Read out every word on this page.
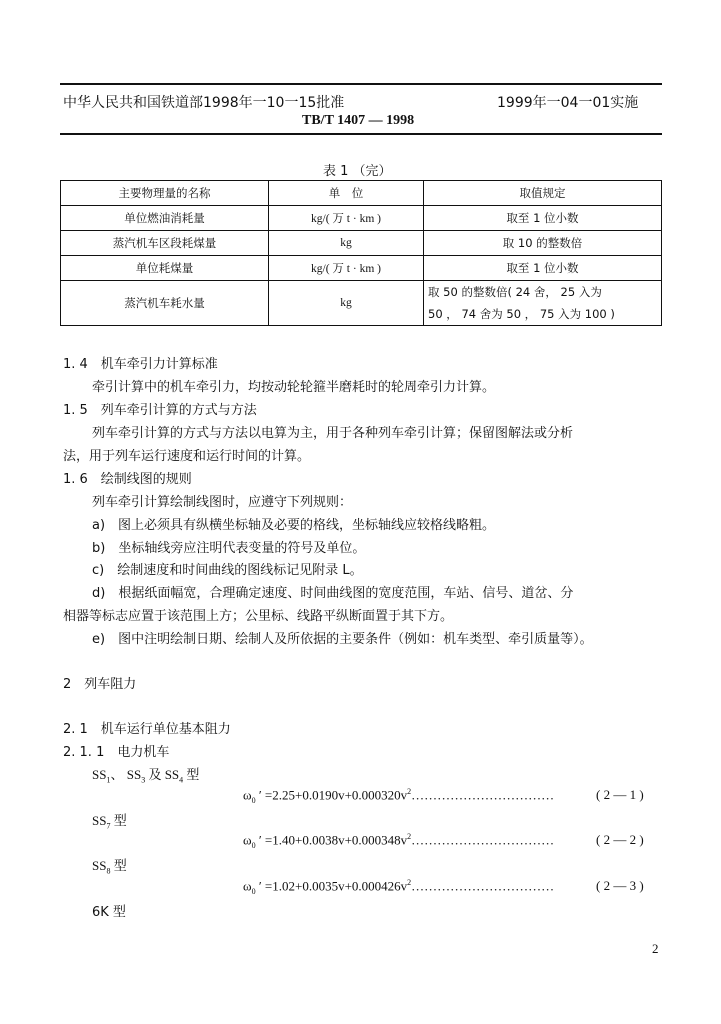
中华人民共和国铁道部1998年一10一15批准	1999年一04一01实施
TB/T 1407 — 1998
表 1 （完）
主要物理量的名称	单　位	取值规定
单位燃油消耗量	kg/( 万 t · km )	取至 1 位小数
蒸汽机车区段耗煤量	kg	取 10 的整数倍
单位耗煤量	kg/( 万 t · km )	取至 1 位小数
蒸汽机车耗水量	kg	取 50 的整数倍( 24 舍， 25 入为
50 ， 74 舍为 50 ， 75 入为 100 )
1. 4　机车牵引力计算标准
牵引计算中的机车牵引力，均按动轮轮箍半磨耗时的轮周牵引力计算。
1. 5　列车牵引计算的方式与方法
列车牵引计算的方式与方法以电算为主，用于各种列车牵引计算；保留图解法或分析
法，用于列车运行速度和运行时间的计算。
1. 6　绘制线图的规则
列车牵引计算绘制线图时，应遵守下列规则：
a)　图上必须具有纵横坐标轴及必要的格线，坐标轴线应较格线略粗。
b)　坐标轴线旁应注明代表变量的符号及单位。
c)　绘制速度和时间曲线的图线标记见附录 L。
d)　根据纸面幅宽，合理确定速度、时间曲线图的宽度范围，车站、信号、道岔、分
相器等标志应置于该范围上方；公里标、线路平纵断面置于其下方。
e)　图中注明绘制日期、绘制人及所依据的主要条件（例如：机车类型、牵引质量等）。
2　列车阻力
2. 1　机车运行单位基本阻力
2. 1. 1　电力机车
$SS_1$、 $SS_3$ 及 $SS_4$ 型
$\omega_0$ ′ $=2.25+0.0190v+0.000320v^2\dots\dots\dots\dots\dots\dots\dots\dots\dots\dots\dots$	( 2 — 1 )
$SS_7$ 型
$\omega_0$ ′ $=1.40+0.0038v+0.000348v^2\dots\dots\dots\dots\dots\dots\dots\dots\dots\dots\dots$	( 2 — 2 )
$SS_8$ 型
$\omega_0$ ′ $=1.02+0.0035v+0.000426v^2\dots\dots\dots\dots\dots\dots\dots\dots\dots\dots\dots$	( 2 — 3 )
6K 型
2
